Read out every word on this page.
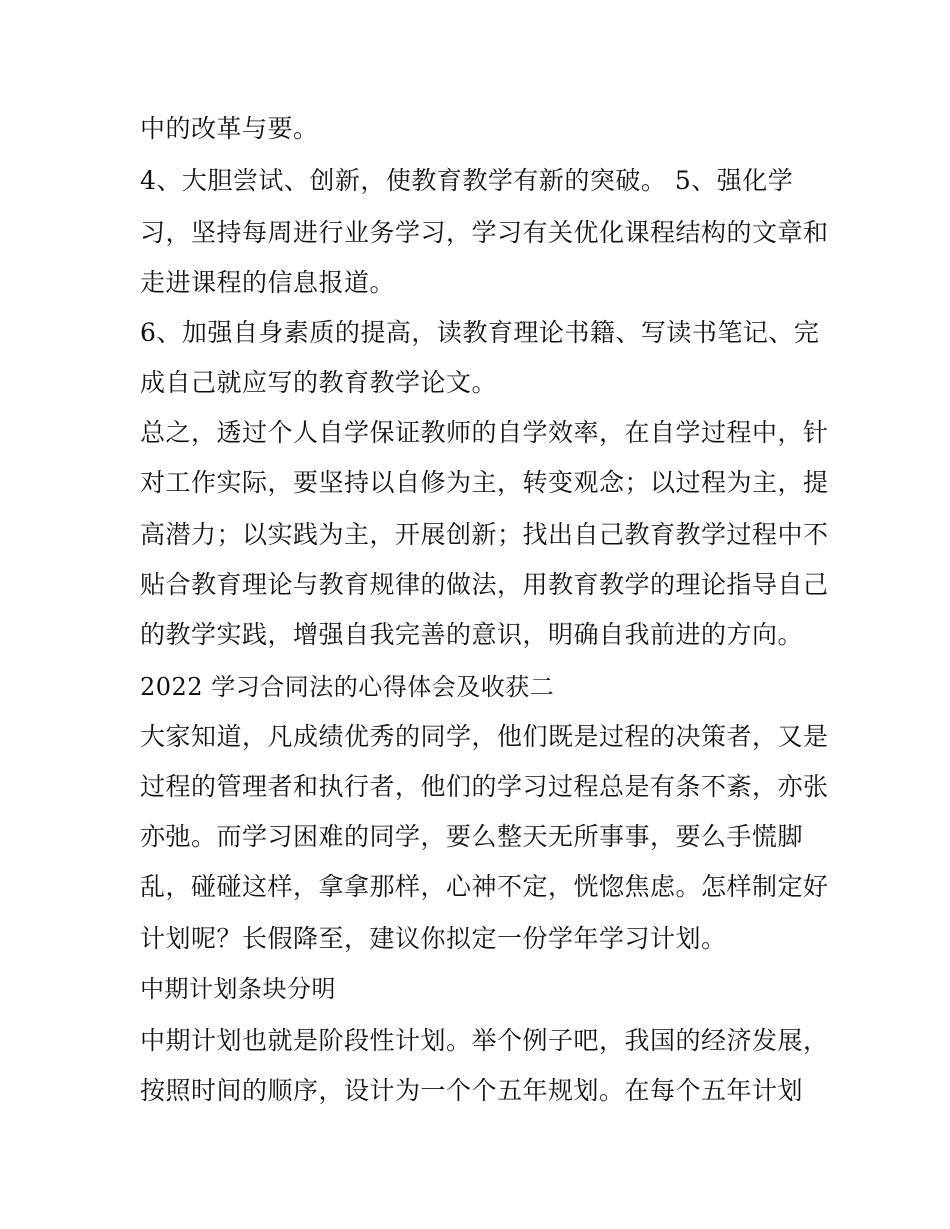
中的改革与要。
4、大胆尝试、创新，使教育教学有新的突破。 5、强化学
习，坚持每周进行业务学习，学习有关优化课程结构的文章和
走进课程的信息报道。
6、加强自身素质的提高，读教育理论书籍、写读书笔记、完
成自己就应写的教育教学论文。
总之，透过个人自学保证教师的自学效率，在自学过程中，针
对工作实际，要坚持以自修为主，转变观念；以过程为主，提
高潜力；以实践为主，开展创新；找出自己教育教学过程中不
贴合教育理论与教育规律的做法，用教育教学的理论指导自己
的教学实践，增强自我完善的意识，明确自我前进的方向。
2022 学习合同法的心得体会及收获二
大家知道，凡成绩优秀的同学，他们既是过程的决策者，又是
过程的管理者和执行者，他们的学习过程总是有条不紊，亦张
亦弛。而学习困难的同学，要么整天无所事事，要么手慌脚
乱，碰碰这样，拿拿那样，心神不定，恍惚焦虑。怎样制定好
计划呢？长假降至，建议你拟定一份学年学习计划。
中期计划条块分明
中期计划也就是阶段性计划。举个例子吧，我国的经济发展，
按照时间的顺序，设计为一个个五年规划。在每个五年计划
